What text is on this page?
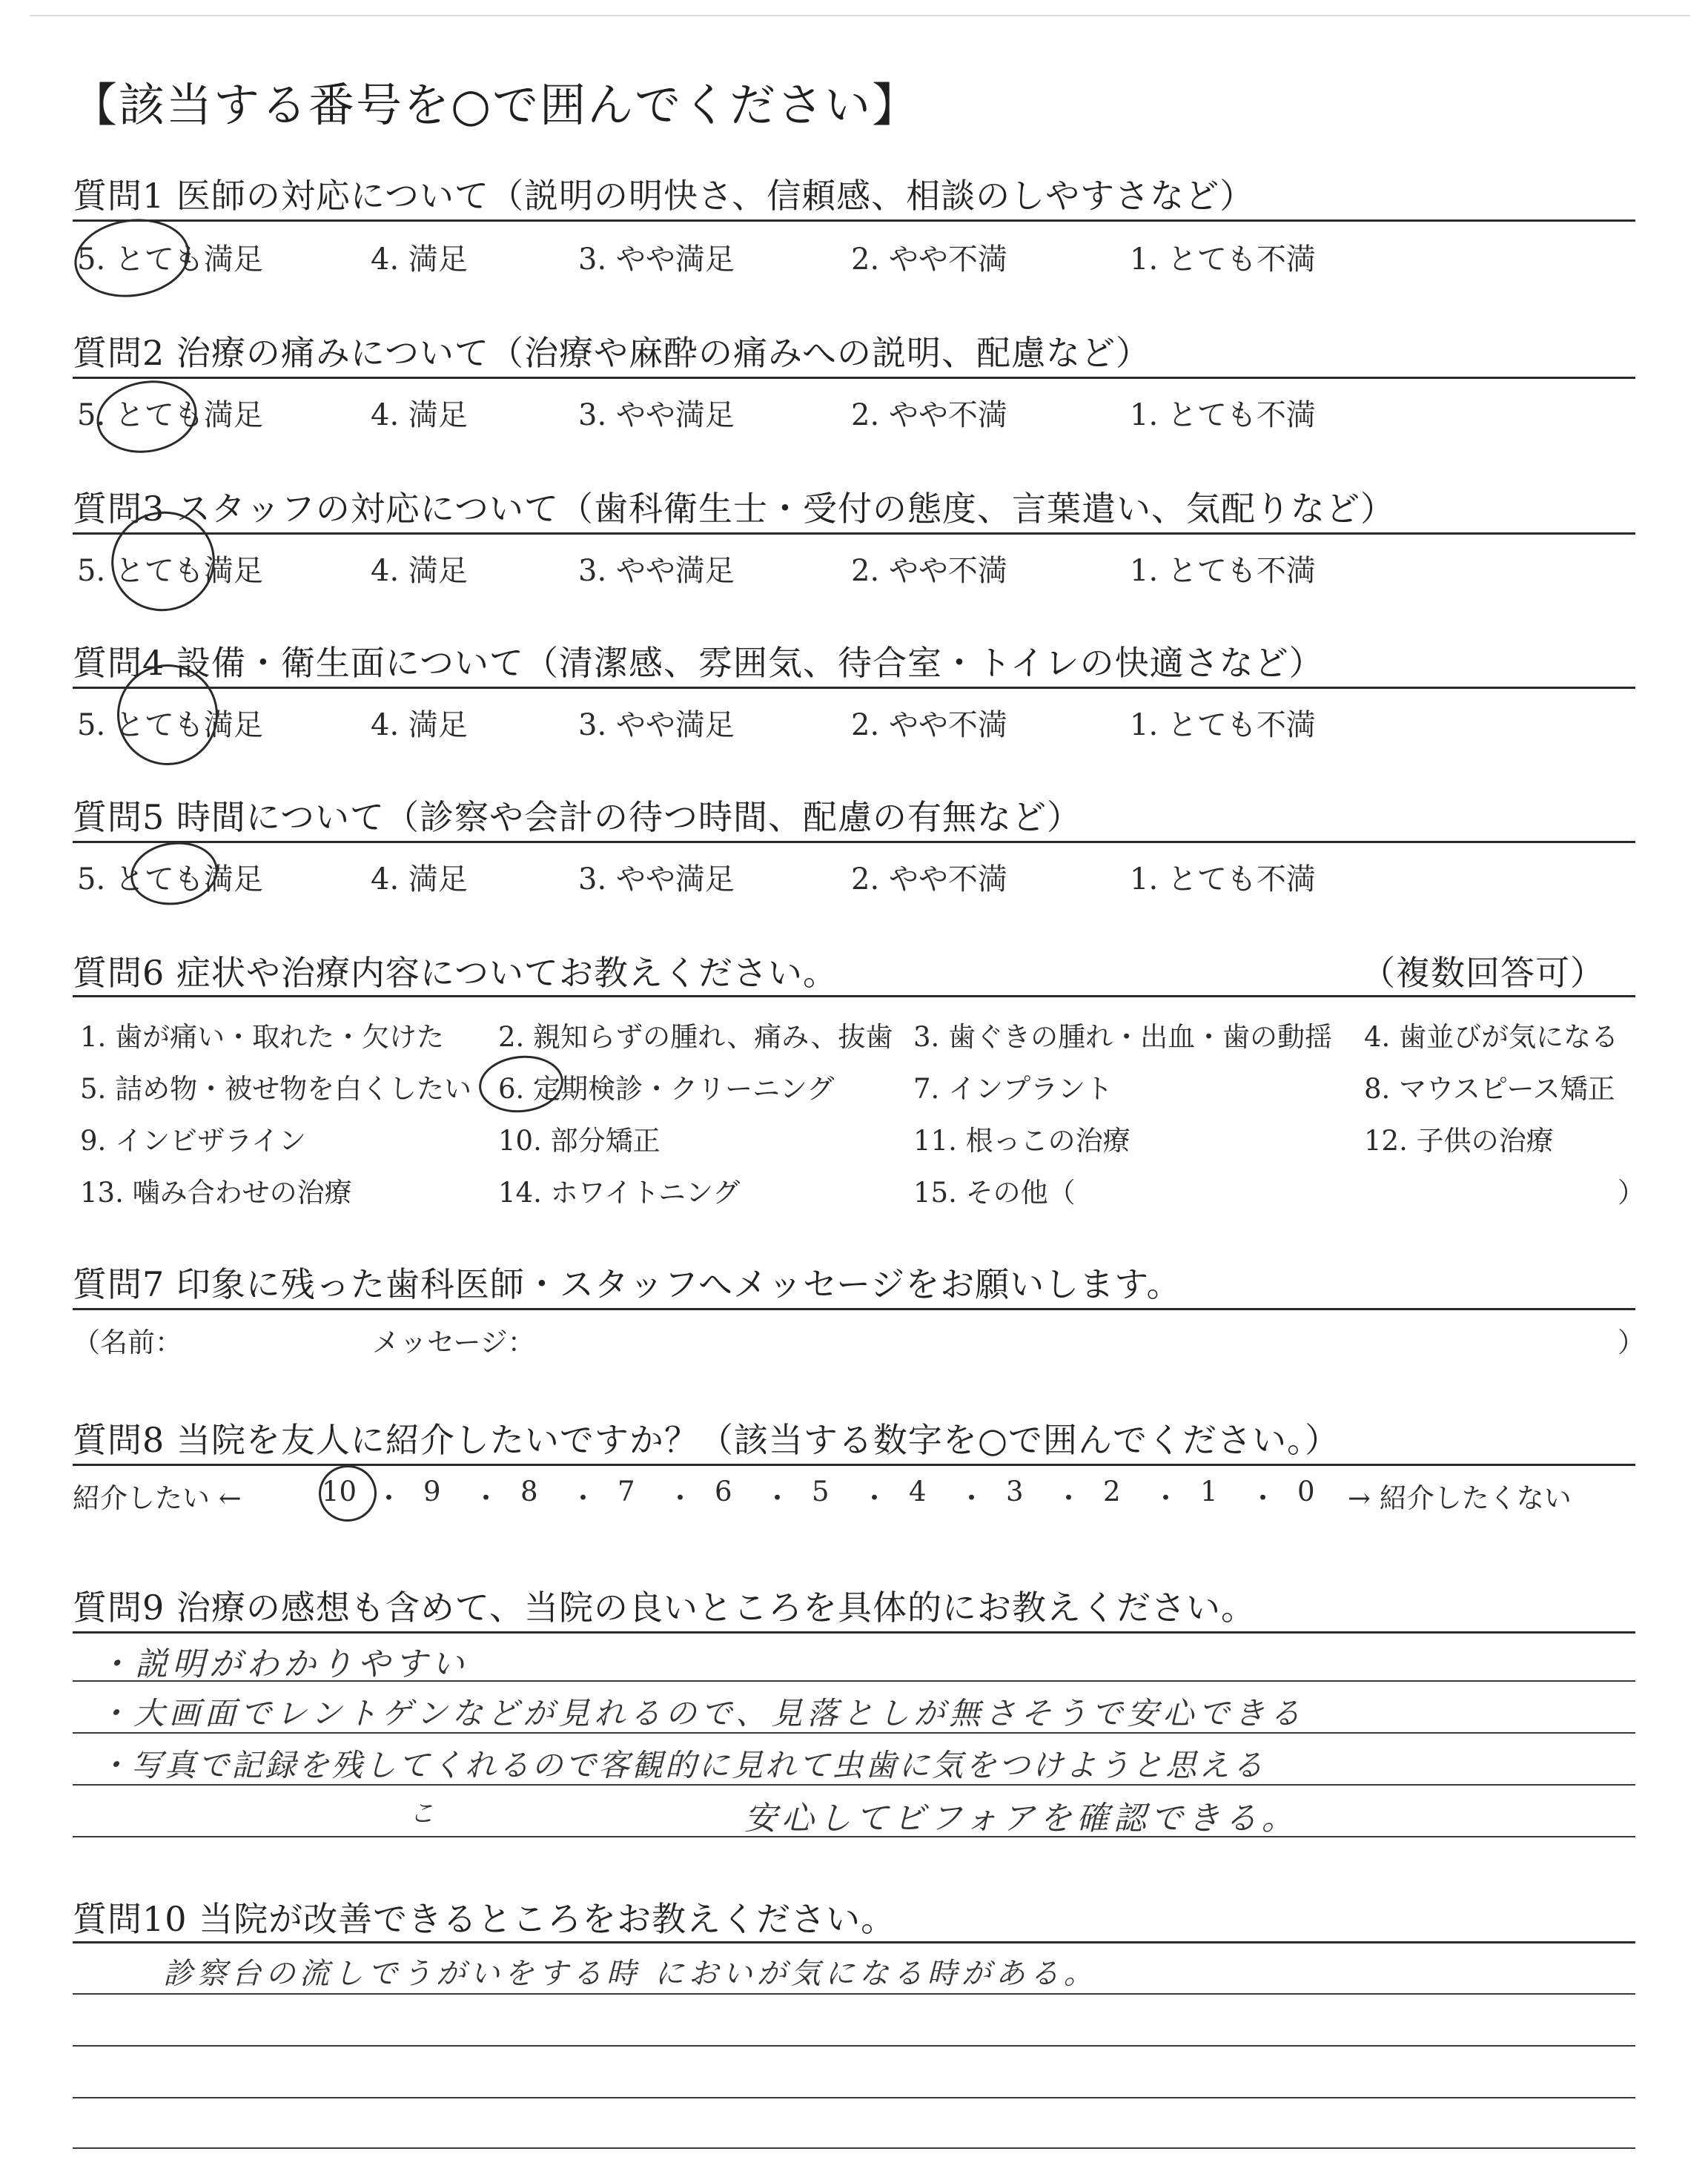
【該当する番号を○で囲んでください】
質問1 医師の対応について（説明の明快さ、信頼感、相談のしやすさなど）
5. とても満足	4. 満足	3. やや満足	2. やや不満	1. とても不満
質問2 治療の痛みについて（治療や麻酔の痛みへの説明、配慮など）
5. とても満足	4. 満足	3. やや満足	2. やや不満	1. とても不満
質問3 スタッフの対応について（歯科衛生士・受付の態度、言葉遣い、気配りなど）
5. とても満足	4. 満足	3. やや満足	2. やや不満	1. とても不満
質問4 設備・衛生面について（清潔感、雰囲気、待合室・トイレの快適さなど）
5. とても満足	4. 満足	3. やや満足	2. やや不満	1. とても不満
質問5 時間について（診察や会計の待つ時間、配慮の有無など）
5. とても満足	4. 満足	3. やや満足	2. やや不満	1. とても不満
質問6 症状や治療内容についてお教えください。	（複数回答可）
1. 歯が痛い・取れた・欠けた 2. 親知らずの腫れ、痛み、抜歯 3. 歯ぐきの腫れ・出血・歯の動揺 4. 歯並びが気になる
5. 詰め物・被せ物を白くしたい 6. 定期検診・クリーニング	7. インプラント	8. マウスピース矯正
9. インビザライン	10. 部分矯正	11. 根っこの治療	12. 子供の治療
13. 噛み合わせの治療	14. ホワイトニング	15. その他（	）
質問7 印象に残った歯科医師・スタッフへメッセージをお願いします。
（名前：	メッセージ：	）
質問8 当院を友人に紹介したいですか？（該当する数字を○で囲んでください。）
紹介したい ←	10 ・ 9 ・ 8 ・ 7 ・ 6 ・ 5 ・ 4 ・ 3 ・ 2 ・ 1 ・ 0 → 紹介したくない
質問9 治療の感想も含めて、当院の良いところを具体的にお教えください。
・説明がわかりやすい
・大画面でレントゲンなどが見れるので、見落としが無さそうで安心できる
・写真で記録を残してくれるので客観的に見れて虫歯に気をつけようと思える
こ	安心してビフォアを確認できる。
質問10 当院が改善できるところをお教えください。
診察台の流しでうがいをする時 においが気になる時がある。
